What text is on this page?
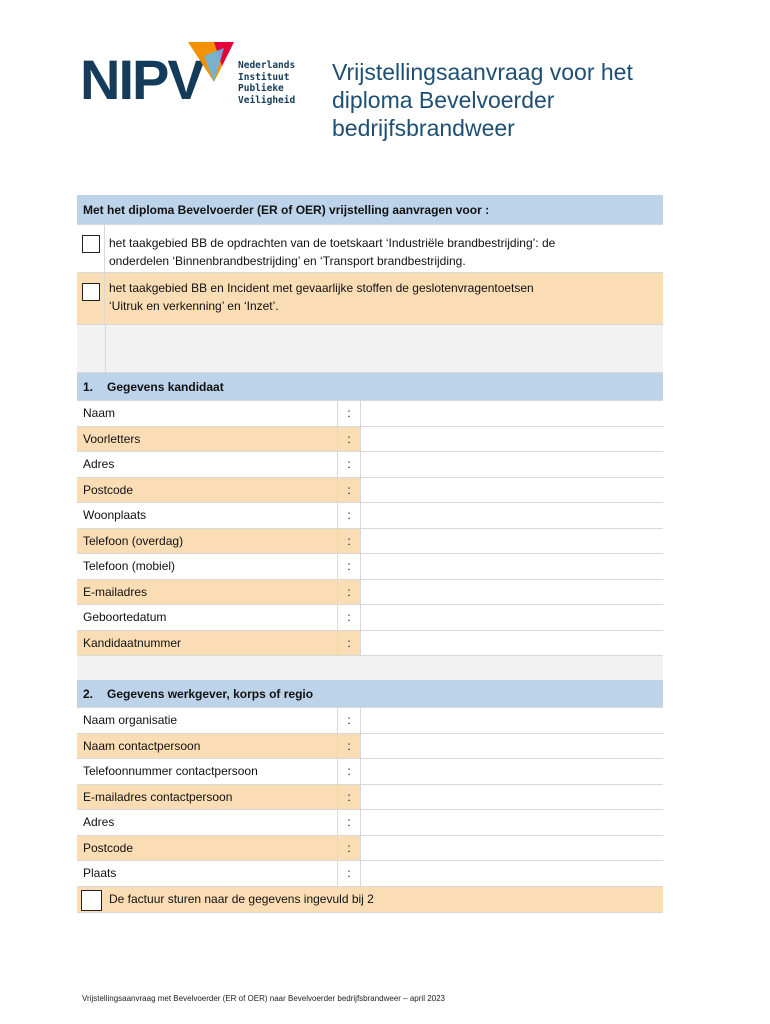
NIPV	Nederlands
Instituut
Publieke
Veiligheid
Vrijstellingsaanvraag voor het
diploma Bevelvoerder
bedrijfsbrandweer
Met het diploma Bevelvoerder (ER of OER) vrijstelling aanvragen voor :
het taakgebied BB de opdrachten van de toetskaart ‘Industriële brandbestrijding’: de
onderdelen ‘Binnenbrandbestrijding’ en ‘Transport brandbestrijding.
het taakgebied BB en Incident met gevaarlijke stoffen de geslotenvragentoetsen
‘Uitruk en verkenning’ en ‘Inzet’.
1.	Gegevens kandidaat
Naam	:
Voorletters	:
Adres	:
Postcode	:
Woonplaats	:
Telefoon (overdag)	:
Telefoon (mobiel)	:
E-mailadres	:
Geboortedatum	:
Kandidaatnummer	:
2.	Gegevens werkgever, korps of regio
Naam organisatie	:
Naam contactpersoon	:
Telefoonnummer contactpersoon	:
E-mailadres contactpersoon	:
Adres	:
Postcode	:
Plaats	:
De factuur sturen naar de gegevens ingevuld bij 2
Vrijstellingsaanvraag met Bevelvoerder (ER of OER) naar Bevelvoerder bedrijfsbrandweer – april 2023
